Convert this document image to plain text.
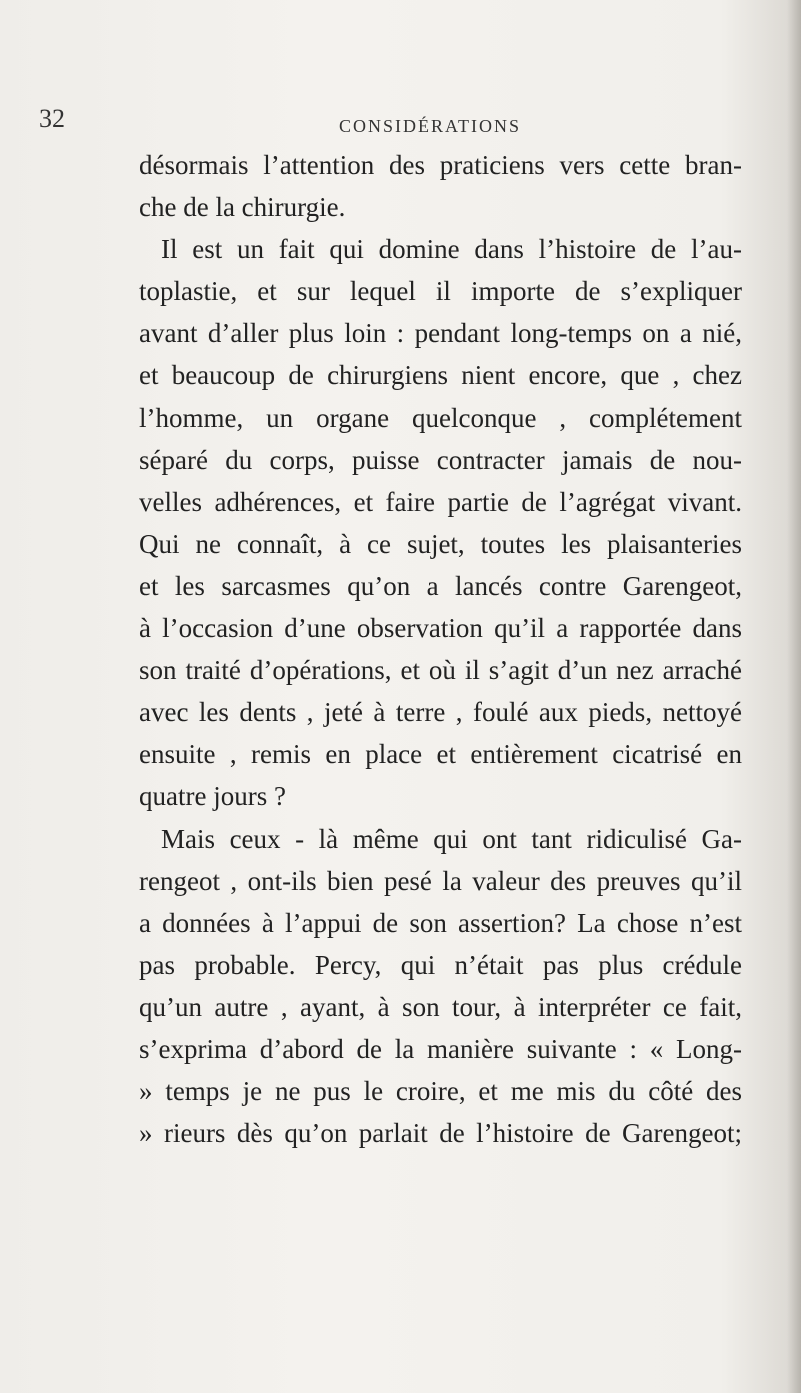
32	CONSIDÉRATIONS
désormais l’attention des praticiens vers cette bran-
che de la chirurgie.
Il est un fait qui domine dans l’histoire de l’au-
toplastie, et sur lequel il importe de s’expliquer
avant d’aller plus loin : pendant long-temps on a nié,
et beaucoup de chirurgiens nient encore, que , chez
l’homme, un organe quelconque , complétement
séparé du corps, puisse contracter jamais de nou-
velles adhérences, et faire partie de l’agrégat vivant.
Qui ne connaît, à ce sujet, toutes les plaisanteries
et les sarcasmes qu’on a lancés contre Garengeot,
à l’occasion d’une observation qu’il a rapportée dans
son traité d’opérations, et où il s’agit d’un nez arraché
avec les dents , jeté à terre , foulé aux pieds, nettoyé
ensuite , remis en place et entièrement cicatrisé en
quatre jours ?
Mais ceux - là même qui ont tant ridiculisé Ga-
rengeot , ont-ils bien pesé la valeur des preuves qu’il
a données à l’appui de son assertion? La chose n’est
pas probable. Percy, qui n’était pas plus crédule
qu’un autre , ayant, à son tour, à interpréter ce fait,
s’exprima d’abord de la manière suivante : « Long-
» temps je ne pus le croire, et me mis du côté des
» rieurs dès qu’on parlait de l’histoire de Garengeot;
